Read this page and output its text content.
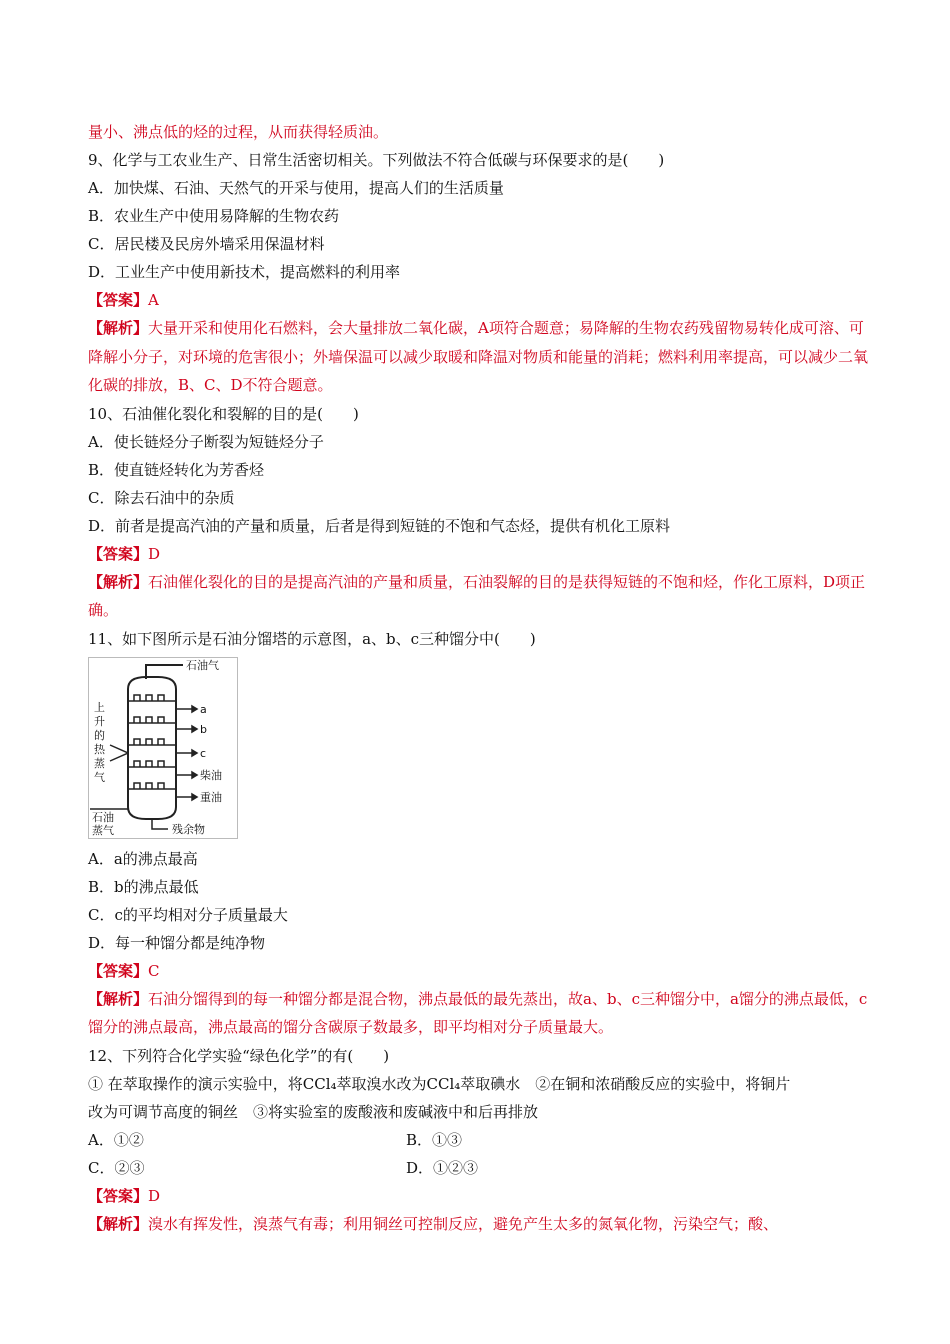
量小、沸点低的烃的过程，从而获得轻质油。
9、化学与工农业生产、日常生活密切相关。下列做法不符合低碳与环保要求的是(　　)
A．加快煤、石油、天然气的开采与使用，提高人们的生活质量
B．农业生产中使用易降解的生物农药
C．居民楼及民房外墙采用保温材料
D．工业生产中使用新技术，提高燃料的利用率
【答案】A
【解析】大量开采和使用化石燃料，会大量排放二氧化碳，A项符合题意；易降解的生物农药残留物易转化成可溶、可降解小分子，对环境的危害很小；外墙保温可以减少取暖和降温对物质和能量的消耗；燃料利用率提高，可以减少二氧化碳的排放，B、C、D不符合题意。
10、石油催化裂化和裂解的目的是(　　)
A．使长链烃分子断裂为短链烃分子
B．使直链烃转化为芳香烃
C．除去石油中的杂质
D．前者是提高汽油的产量和质量，后者是得到短链的不饱和气态烃，提供有机化工原料
【答案】D
【解析】石油催化裂化的目的是提高汽油的产量和质量，石油裂解的目的是获得短链的不饱和烃，作化工原料，D项正确。
11、如下图所示是石油分馏塔的示意图，a、b、c三种馏分中(　　)
石油气
a
b
c
柴油
重油
上
升
的
热
蒸
气
石油
蒸气	残余物
A．a的沸点最高
B．b的沸点最低
C．c的平均相对分子质量最大
D．每一种馏分都是纯净物
【答案】C
【解析】石油分馏得到的每一种馏分都是混合物，沸点最低的最先蒸出，故a、b、c三种馏分中，a馏分的沸点最低，c馏分的沸点最高，沸点最高的馏分含碳原子数最多，即平均相对分子质量最大。
12、下列符合化学实验“绿色化学”的有(　　)
① 在萃取操作的演示实验中，将CCl₄萃取溴水改为CCl₄萃取碘水　②在铜和浓硝酸反应的实验中，将铜片
改为可调节高度的铜丝　③将实验室的废酸液和废碱液中和后再排放
A．①②	B．①③
C．②③	D．①②③
【答案】D
【解析】溴水有挥发性，溴蒸气有毒；利用铜丝可控制反应，避免产生太多的氮氧化物，污染空气；酸、
